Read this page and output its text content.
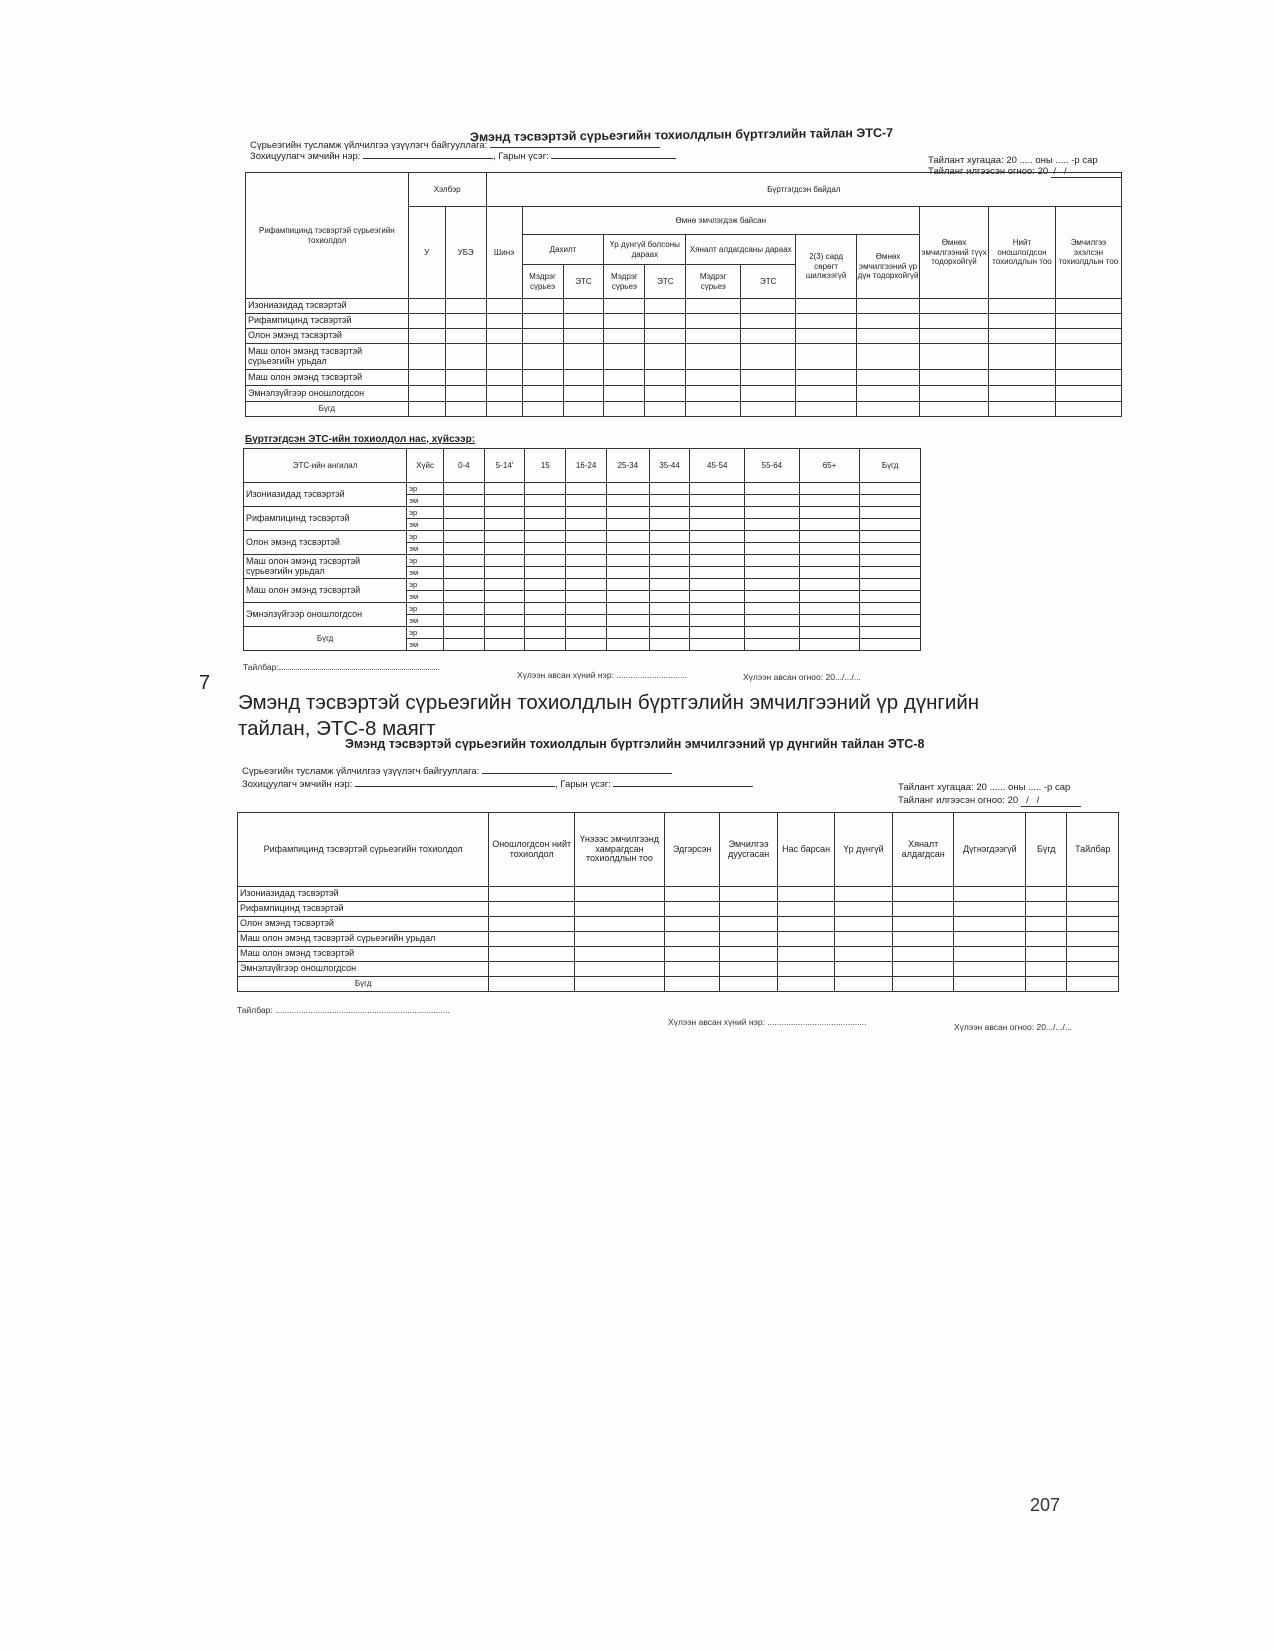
Эмэнд тэсвэртэй сүрьеэгийн тохиолдлын бүртгэлийн тайлан ЭТС-7
Сүрьеэгийн тусламж үйлчилгээ үзүүлэгч байгууллага:
Зохицуулагч эмчийн нэр:	, Гарын үсэг:	Тайлант хугацаа: 20 ..... оны ..... -р сар
Тайланг илгээсэн огноо: 20  /   /
Рифампицинд тэсвэртэй сүрьеэгийн тохиолдол	Хэлбэр		Бүртгэгдсэн байдал											
	У	УБЭ	Шинэ	Өмнө эмчлэгдэж байсан								Өмнөх эмчилгээний түүх тодорхойгүй	Нийт оношлогдсон тохиолдлын тоо	Эмчилгээ эхэлсэн тохиолдлын тоо
				Дахилт		Үр дүнгүй болсоны дараах		Хяналт алдагдсаны дараах		2(3) сард сөрөгт шилжээгүй	Өмнөх эмчилгээний үр дүн тодорхойгүй			
				Мэдрэг сүрьеэ	ЭТС	Мэдрэг сүрьеэ	ЭТС	Мэдрэг сүрьеэ	ЭТС					
Изониазидад тэсвэртэй														
Рифампицинд тэсвэртэй														
Олон эмэнд тэсвэртэй														
Маш олон эмэнд тэсвэртэй сүрьеэгийн урьдал														
Маш олон эмэнд тэсвэртэй														
Эмнэлзүйгээр оношлогдсон														
Бүгд														
Бүртгэгдсэн ЭТС-ийн тохиолдол нас, хүйсээр:
ЭТС-ийн ангилал	Хүйс	0-4	5-14'	15	16-24	25-34	35-44	45-54	55-64	65+	Бүгд
Изониазидад тэсвэртэй	эр										
	эм										
Рифампицинд тэсвэртэй	эр										
	эм										
Олон эмэнд тэсвэртэй	эр										
	эм										
Маш олон эмэнд тэсвэртэй сүрьеэгийн урьдал	эр										
	эм										
Маш олон эмэнд тэсвэртэй	эр										
	эм										
Эмнэлзүйгээр оношлогдсон	эр										
	эм										
Бүгд	эр										
	эм										
Тайлбар:
Хүлээн авсан хүний нэр: ..............................	Хүлээн авсан огноо: 20.../.../...
7
Эмэнд тэсвэртэй сүрьеэгийн тохиолдлын бүртгэлийн эмчилгээний үр дүнгийн тайлан, ЭТС-8 маягт
Эмэнд тэсвэртэй сүрьеэгийн тохиолдлын бүртгэлийн эмчилгээний үр дүнгийн тайлан ЭТС-8
Сүрьеэгийн тусламж үйлчилгээ үзүүлэгч байгууллага:
Зохицуулагч эмчийн нэр:	, Гарын үсэг:	Тайлант хугацаа: 20 ...... оны ..... -р сар
Тайланг илгээсэн огноо: 20   /   /
Рифампицинд тэсвэртэй сүрьеэгийн тохиолдол	Оношлогдсон нийт тохиолдол	Үнэээс эмчилгээнд хамрагдсан тохиолдлын тоо	Эдгэрсэн	Эмчилгээ дуусгасан	Нас барсан	Үр дүнгүй	Хяналт алдагдсан	Дүгнэгдээгүй	Бүгд	Тайлбар
Изониазидад тэсвэртэй										
Рифампицинд тэсвэртэй										
Олон эмэнд тэсвэртэй										
Маш олон эмэнд тэсвэртэй сүрьеэгийн урьдал										
Маш олон эмэнд тэсвэртэй										
Эмнэлзүйгээр оношлогдсон										
Бүгд										
Тайлбар: ..........................................................................
Хүлээн авсан хүний нэр: ..........................................	Хүлээн авсан огноо: 20.../.../...
207
